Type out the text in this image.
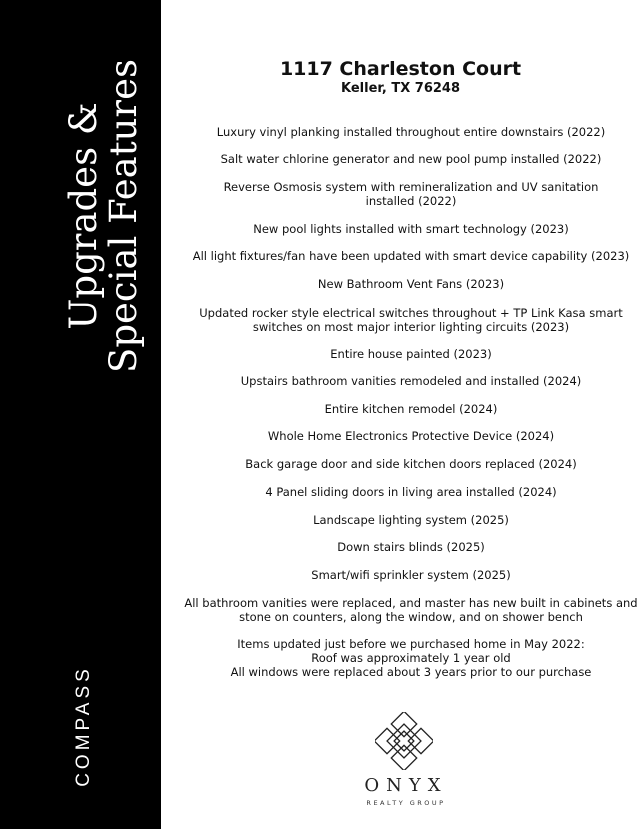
Upgrades & Special Features
COMPASS
1117 Charleston Court
Keller, TX 76248
Luxury vinyl planking installed throughout entire downstairs (2022)
Salt water chlorine generator and new pool pump installed (2022)
Reverse Osmosis system with remineralization and UV sanitation installed (2022)
New pool lights installed with smart technology (2023)
All light fixtures/fan have been updated with smart device capability (2023)
New Bathroom Vent Fans (2023)
Updated rocker style electrical switches throughout + TP Link Kasa smart switches on most major interior lighting circuits (2023)
Entire house painted (2023)
Upstairs bathroom vanities remodeled and installed (2024)
Entire kitchen remodel (2024)
Whole Home Electronics Protective Device (2024)
Back garage door and side kitchen doors replaced (2024)
4 Panel sliding doors in living area installed (2024)
Landscape lighting system (2025)
Down stairs blinds (2025)
Smart/wifi sprinkler system (2025)
All bathroom vanities were replaced, and master has new built in cabinets and stone on counters, along the window, and on shower bench
Items updated just before we purchased home in May 2022:
Roof was approximately 1 year old
All windows were replaced about 3 years prior to our purchase
ONYX
REALTY GROUP
